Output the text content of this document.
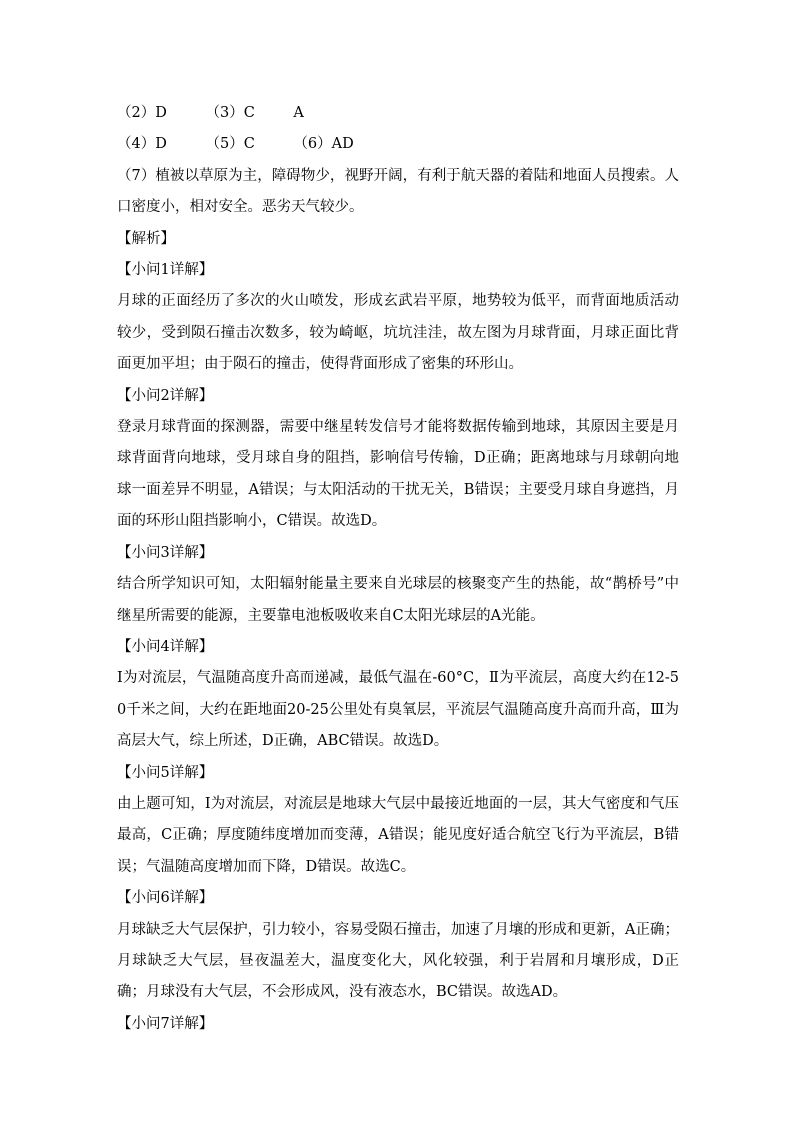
（2）D	（3）C	A
（4）D	（5）C	（6）AD
（7）植被以草原为主，障碍物少，视野开阔，有利于航天器的着陆和地面人员搜索。人口密度小，相对安全。恶劣天气较少。
【解析】
【小问1详解】
月球的正面经历了多次的火山喷发，形成玄武岩平原，地势较为低平，而背面地质活动较少，受到陨石撞击次数多，较为崎岖，坑坑洼洼，故左图为月球背面，月球正面比背面更加平坦；由于陨石的撞击，使得背面形成了密集的环形山。
【小问2详解】
登录月球背面的探测器，需要中继星转发信号才能将数据传输到地球，其原因主要是月球背面背向地球，受月球自身的阻挡，影响信号传输，D正确；距离地球与月球朝向地球一面差异不明显，A错误；与太阳活动的干扰无关，B错误；主要受月球自身遮挡，月面的环形山阻挡影响小，C错误。故选D。
【小问3详解】
结合所学知识可知，太阳辐射能量主要来自光球层的核聚变产生的热能，故“鹊桥号”中继星所需要的能源，主要靠电池板吸收来自C太阳光球层的A光能。
【小问4详解】
Ⅰ为对流层，气温随高度升高而递减，最低气温在-60°C，Ⅱ为平流层，高度大约在12-50千米之间，大约在距地面20-25公里处有臭氧层，平流层气温随高度升高而升高，Ⅲ为高层大气，综上所述，D正确，ABC错误。故选D。
【小问5详解】
由上题可知，Ⅰ为对流层，对流层是地球大气层中最接近地面的一层，其大气密度和气压最高，C正确；厚度随纬度增加而变薄，A错误；能见度好适合航空飞行为平流层，B错误；气温随高度增加而下降，D错误。故选C。
【小问6详解】
月球缺乏大气层保护，引力较小，容易受陨石撞击，加速了月壤的形成和更新，A正确；月球缺乏大气层，昼夜温差大，温度变化大，风化较强，利于岩屑和月壤形成，D正确；月球没有大气层，不会形成风，没有液态水，BC错误。故选AD。
【小问7详解】
